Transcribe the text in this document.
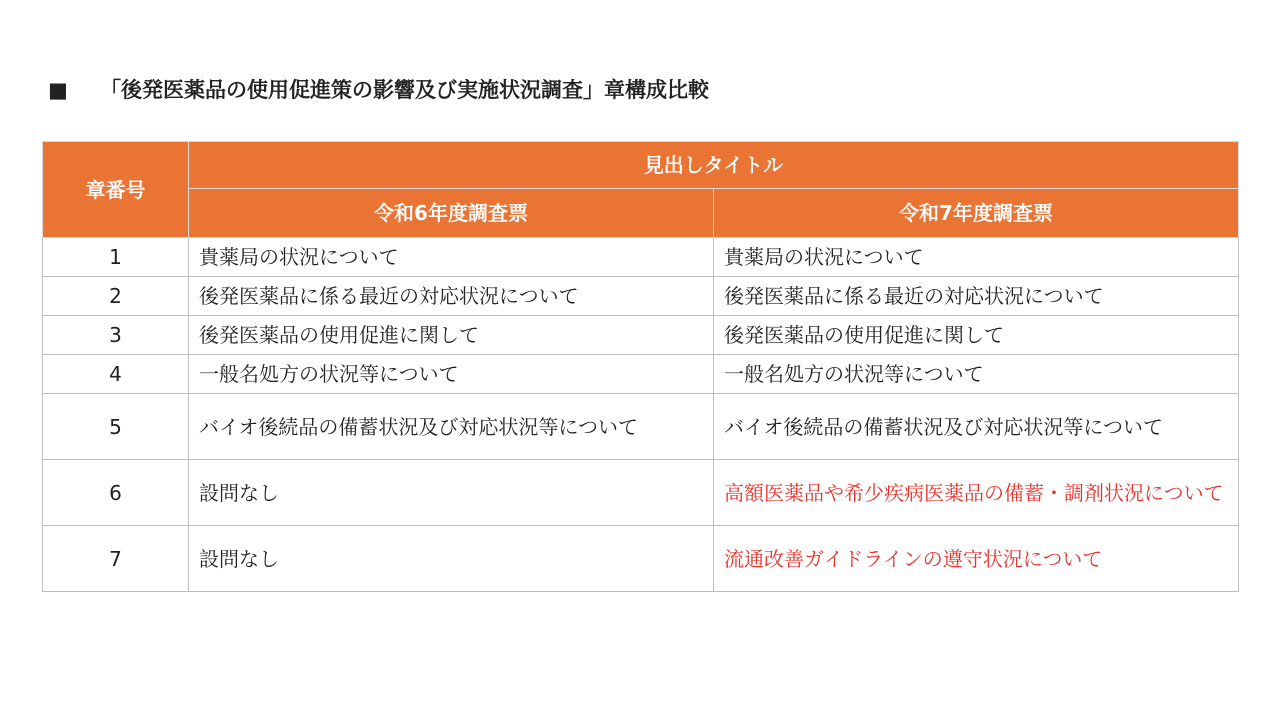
■ 「後発医薬品の使用促進策の影響及び実施状況調査」章構成比較
章番号	見出しタイトル	
	令和6年度調査票	令和7年度調査票
1	貴薬局の状況について	貴薬局の状況について
2	後発医薬品に係る最近の対応状況について	後発医薬品に係る最近の対応状況について
3	後発医薬品の使用促進に関して	後発医薬品の使用促進に関して
4	一般名処方の状況等について	一般名処方の状況等について
5	バイオ後続品の備蓄状況及び対応状況等について	バイオ後続品の備蓄状況及び対応状況等について
6	設問なし	高額医薬品や希少疾病医薬品の備蓄・調剤状況について
7	設問なし	流通改善ガイドラインの遵守状況について
